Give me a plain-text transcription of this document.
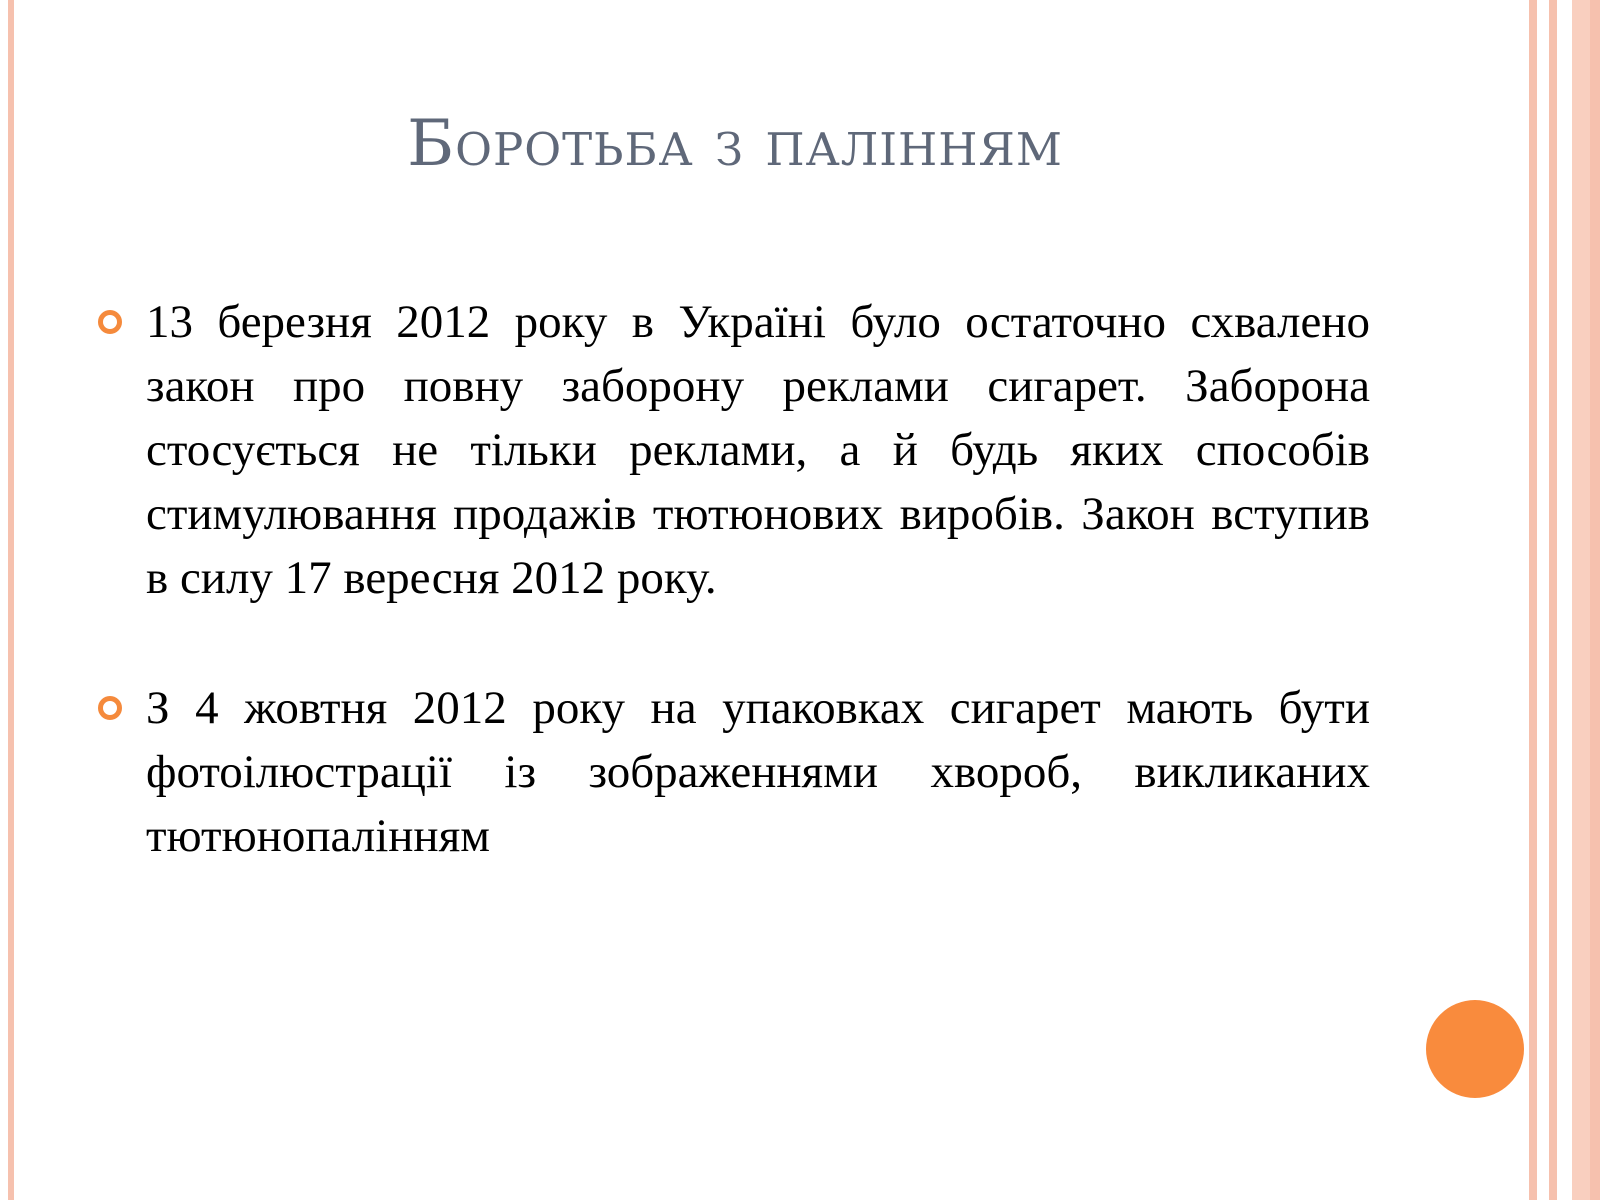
Боротьба з палінням

13 березня 2012 року в Україні було остаточно схвалено закон про повну заборону реклами сигарет. Заборона стосується не тільки реклами, а й будь яких способів стимулювання продажів тютюнових виробів. Закон вступив в силу 17 вересня 2012 року.

З 4 жовтня 2012 року на упаковках сигарет мають бути фотоілюстрації із зображеннями хвороб, викликаних тютюнопалінням
